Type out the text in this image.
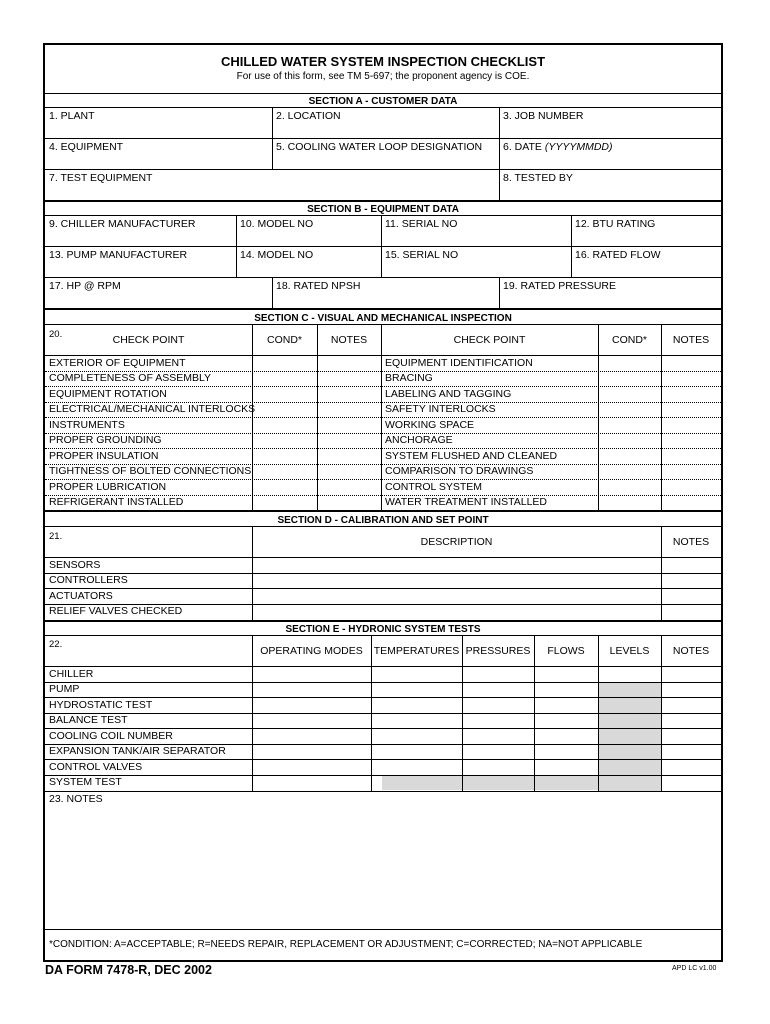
CHILLED WATER SYSTEM INSPECTION CHECKLIST
For use of this form, see TM 5-697; the proponent agency is COE.
SECTION A - CUSTOMER DATA
1. PLANT	2. LOCATION	3. JOB NUMBER
4. EQUIPMENT	5. COOLING WATER LOOP DESIGNATION 6. DATE (YYYYMMDD)
7. TEST EQUIPMENT	8. TESTED BY
SECTION B - EQUIPMENT DATA
9. CHILLER MANUFACTURER	10. MODEL NO	11. SERIAL NO	12. BTU RATING
13. PUMP MANUFACTURER	14. MODEL NO	15. SERIAL NO	16. RATED FLOW
17. HP @ RPM	18. RATED NPSH	19. RATED PRESSURE
SECTION C - VISUAL AND MECHANICAL INSPECTION
20.	CHECK POINT	COND*	NOTES	CHECK POINT	COND*	NOTES
EXTERIOR OF EQUIPMENT	EQUIPMENT IDENTIFICATION
COMPLETENESS OF ASSEMBLY	BRACING
EQUIPMENT ROTATION	LABELING AND TAGGING
ELECTRICAL/MECHANICAL INTERLOCKS	SAFETY INTERLOCKS
INSTRUMENTS	WORKING SPACE
PROPER GROUNDING	ANCHORAGE
PROPER INSULATION	SYSTEM FLUSHED AND CLEANED
TIGHTNESS OF BOLTED CONNECTIONS	COMPARISON TO DRAWINGS
PROPER LUBRICATION	CONTROL SYSTEM
REFRIGERANT INSTALLED	WATER TREATMENT INSTALLED
SECTION D - CALIBRATION AND SET POINT
21.	DESCRIPTION	NOTES
SENSORS
CONTROLLERS
ACTUATORS
RELIEF VALVES CHECKED
SECTION E - HYDRONIC SYSTEM TESTS
22.
OPERATING MODES	TEMPERATURES PRESSURES	FLOWS	LEVELS	NOTES
CHILLER
PUMP
HYDROSTATIC TEST
BALANCE TEST
COOLING COIL NUMBER
EXPANSION TANK/AIR SEPARATOR
CONTROL VALVES
SYSTEM TEST
23. NOTES
*CONDITION: A=ACCEPTABLE; R=NEEDS REPAIR, REPLACEMENT OR ADJUSTMENT; C=CORRECTED; NA=NOT APPLICABLE
DA FORM 7478-R, DEC 2002	APD LC v1.00
